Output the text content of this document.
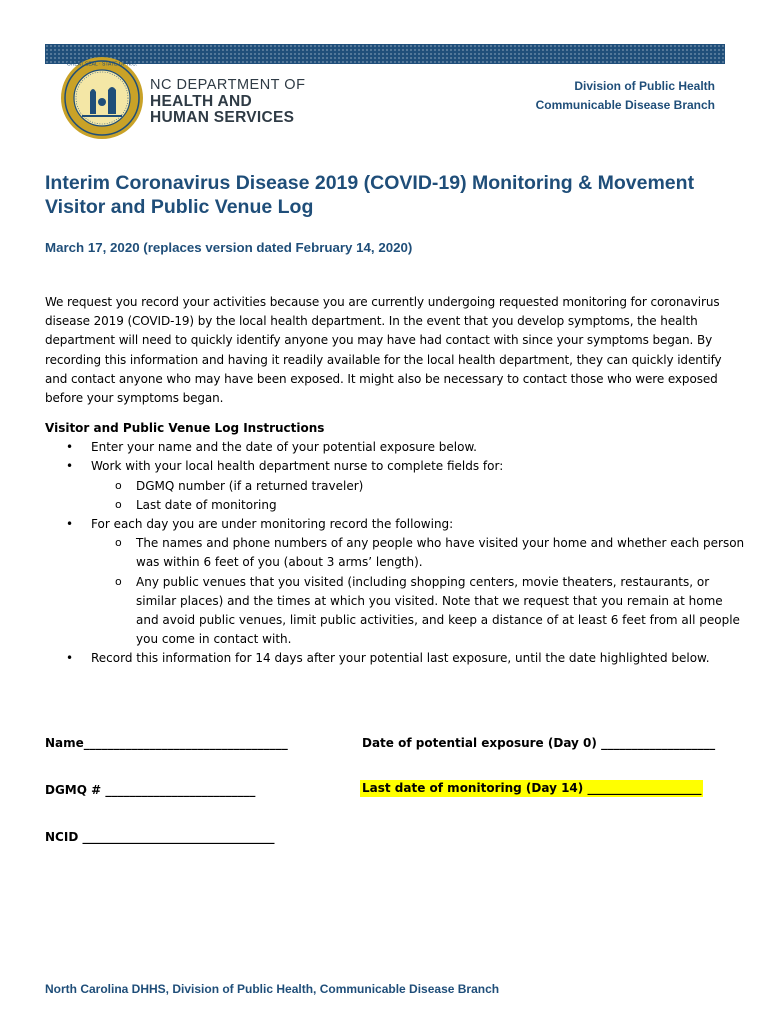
GREAT SEAL · STATE OF N.C.
NC DEPARTMENT OF
HEALTH AND
HUMAN SERVICES
Division of Public Health
Communicable Disease Branch
Interim Coronavirus Disease 2019 (COVID-19) Monitoring & Movement
Visitor and Public Venue Log
March 17, 2020 (replaces version dated February 14, 2020)

We request you record your activities because you are currently undergoing requested monitoring for coronavirus disease 2019 (COVID-19) by the local health department. In the event that you develop symptoms, the health department will need to quickly identify anyone you may have had contact with since your symptoms began. By recording this information and having it readily available for the local health department, they can quickly identify and contact anyone who may have been exposed. It might also be necessary to contact those who were exposed before your symptoms began.

Visitor and Public Venue Log Instructions
• Enter your name and the date of your potential exposure below.
• Work with your local health department nurse to complete fields for:
o DGMQ number (if a returned traveler)
o Last date of monitoring
• For each day you are under monitoring record the following:
o The names and phone numbers of any people who have visited your home and whether each person was within 6 feet of you (about 3 arms’ length).
o Any public venues that you visited (including shopping centers, movie theaters, restaurants, or similar places) and the times at which you visited. Note that we request that you remain at home and avoid public venues, limit public activities, and keep a distance of at least 6 feet from all people you come in contact with.
• Record this information for 14 days after your potential last exposure, until the date highlighted below.
Name__________________________________	Date of potential exposure (Day 0) ___________________
DGMQ # _________________________	Last date of monitoring (Day 14) ___________________
NCID ________________________________
North Carolina DHHS, Division of Public Health, Communicable Disease Branch
